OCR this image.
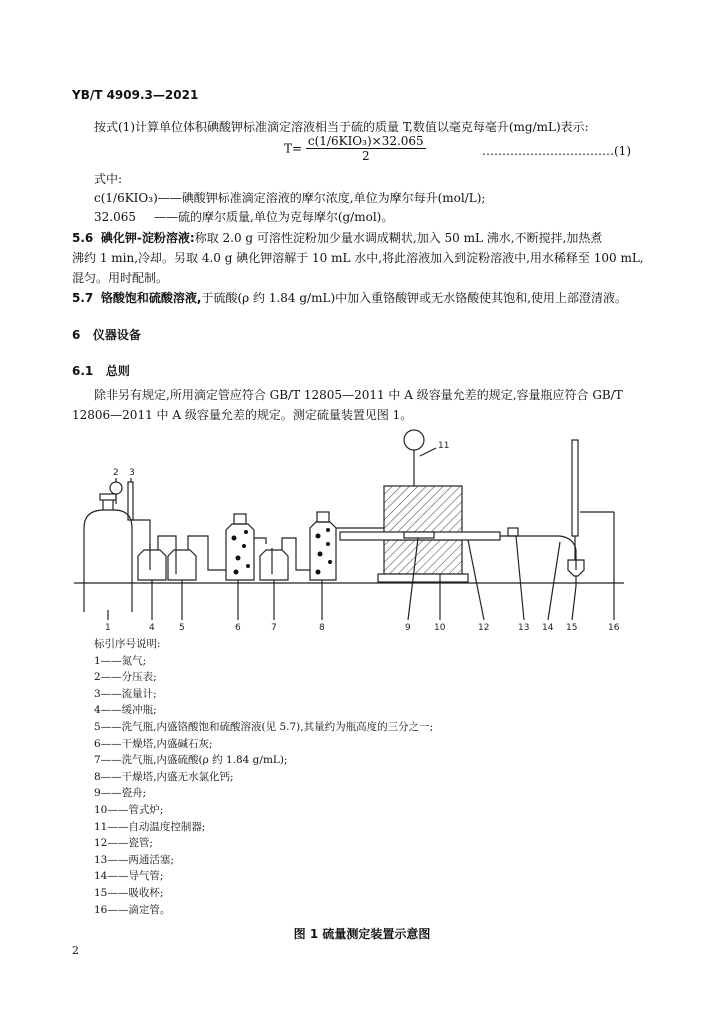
YB/T 4909.3—2021
按式(1)计算单位体积碘酸钾标准滴定溶液相当于硫的质量 T,数值以毫克每毫升(mg/mL)表示:
$T= \frac{\text{c(1/6KIO₃)×32.065}}{2}$	……………………………(1)
式中:
c(1/6KIO₃)——碘酸钾标准滴定溶液的摩尔浓度,单位为摩尔每升(mol/L);
32.065 ——硫的摩尔质量,单位为克每摩尔(g/mol)。
5.6 碘化钾-淀粉溶液:称取 2.0 g 可溶性淀粉加少量水调成糊状,加入 50 mL 沸水,不断搅拌,加热煮
沸约 1 min,冷却。另取 4.0 g 碘化钾溶解于 10 mL 水中,将此溶液加入到淀粉溶液中,用水稀释至 100 mL,
混匀。用时配制。
5.7 铬酸饱和硫酸溶液,于硫酸(ρ 约 1.84 g/mL)中加入重铬酸钾或无水铬酸使其饱和,使用上部澄清液。
6 仪器设备
6.1 总则
除非另有规定,所用滴定管应符合 GB/T 12805—2011 中 A 级容量允差的规定,容量瓶应符合 GB/T
12806—2011 中 A 级容量允差的规定。测定硫量装置见图 1。
2 3
11
1	4	5	6	7	8	9	10	12	13 14 15	16
标引序号说明:
1——氮气;
2——分压表;
3——流量计;
4——缓冲瓶;
5——洗气瓶,内盛铬酸饱和硫酸溶液(见 5.7),其量约为瓶高度的三分之一;
6——干燥塔,内盛碱石灰;
7——洗气瓶,内盛硫酸(ρ 约 1.84 g/mL);
8——干燥塔,内盛无水氯化钙;
9——瓷舟;
10——管式炉;
11——自动温度控制器;
12——瓷管;
13——两通活塞;
14——导气管;
15——吸收杯;
16——滴定管。
图 1 硫量测定装置示意图
2
